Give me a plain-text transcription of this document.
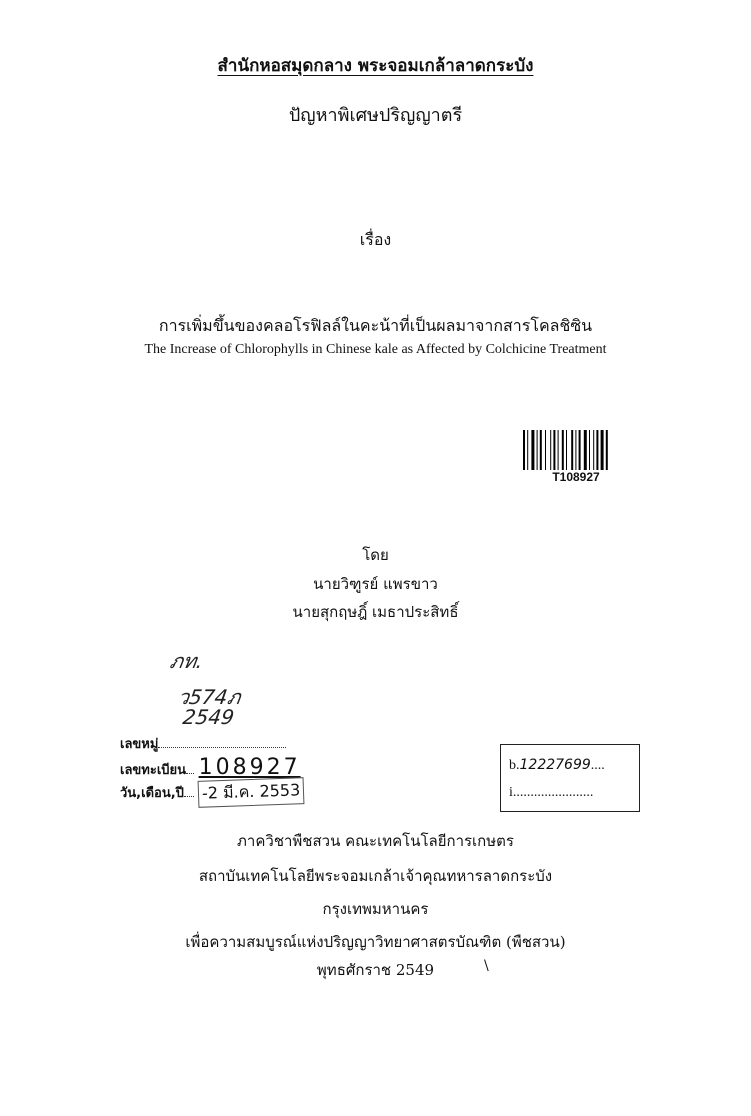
สำนักหอสมุดกลาง พระจอมเกล้าลาดกระบัง
ปัญหาพิเศษปริญญาตรี
เรื่อง
การเพิ่มขึ้นของคลอโรฟิลล์ในคะน้าที่เป็นผลมาจากสารโคลชิซิน
The Increase of Chlorophylls in Chinese kale as Affected by Colchicine Treatment
T108927
โดย
นายวิฑูรย์ แพรขาว
นายสุกฤษฎิ์ เมธาประสิทธิ์
ภท.
ว574ภ
2549
เลขหมู่
เลขทะเบียน 108927
วัน,เดือน,ปี -2 มี.ค. 2553
b.12227699....
i.......................
ภาควิชาพืชสวน คณะเทคโนโลยีการเกษตร
สถาบันเทคโนโลยีพระจอมเกล้าเจ้าคุณทหารลาดกระบัง
กรุงเทพมหานคร
เพื่อความสมบูรณ์แห่งปริญญาวิทยาศาสตรบัณฑิต (พืชสวน)
พุทธศักราช 2549	\
